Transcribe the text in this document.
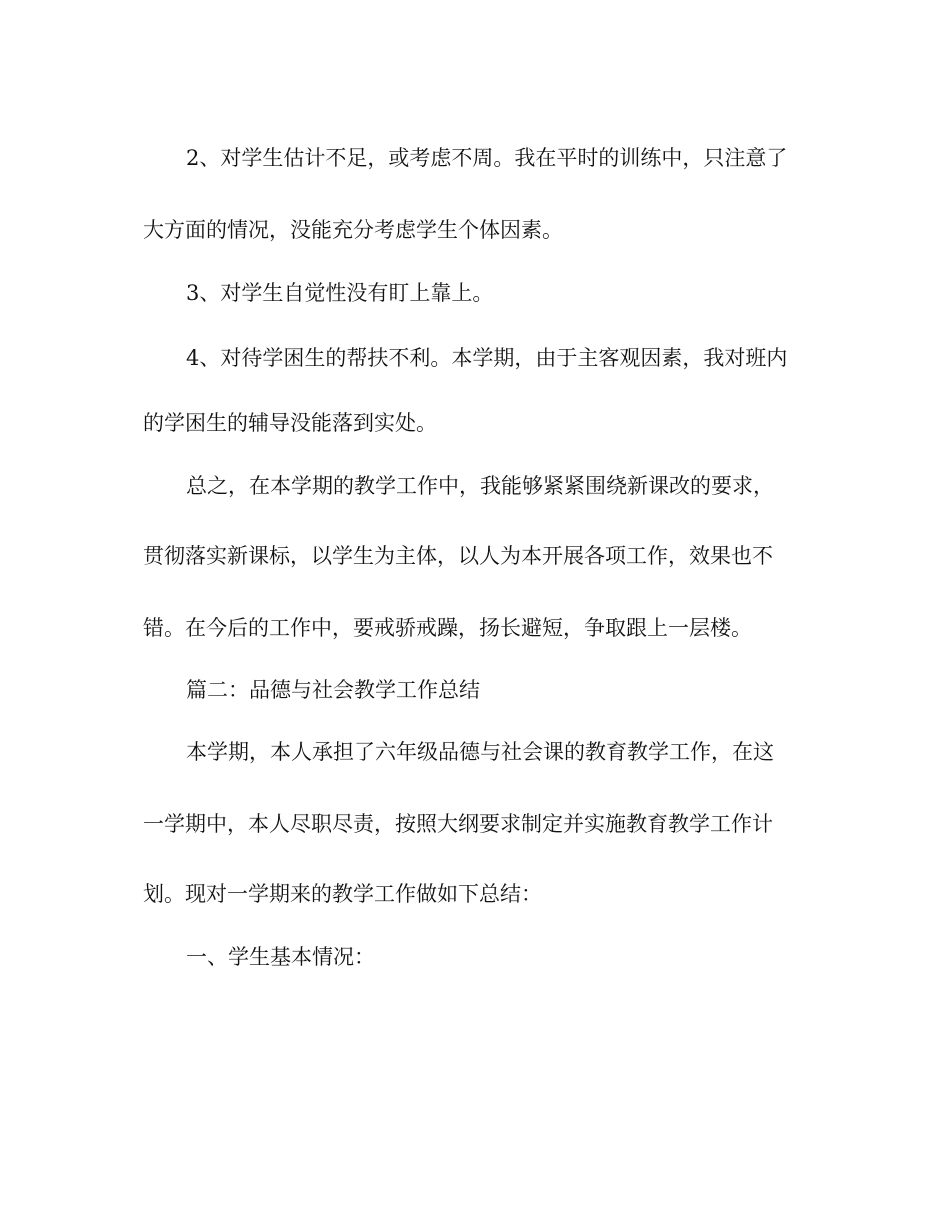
2、对学生估计不足，或考虑不周。我在平时的训练中，只注意了
大方面的情况，没能充分考虑学生个体因素。
3、对学生自觉性没有盯上靠上。
4、对待学困生的帮扶不利。本学期，由于主客观因素，我对班内
的学困生的辅导没能落到实处。
总之，在本学期的教学工作中，我能够紧紧围绕新课改的要求，
贯彻落实新课标，以学生为主体，以人为本开展各项工作，效果也不
错。在今后的工作中，要戒骄戒躁，扬长避短，争取跟上一层楼。
篇二：品德与社会教学工作总结
本学期，本人承担了六年级品德与社会课的教育教学工作，在这
一学期中，本人尽职尽责，按照大纲要求制定并实施教育教学工作计
划。现对一学期来的教学工作做如下总结：
一、学生基本情况：
